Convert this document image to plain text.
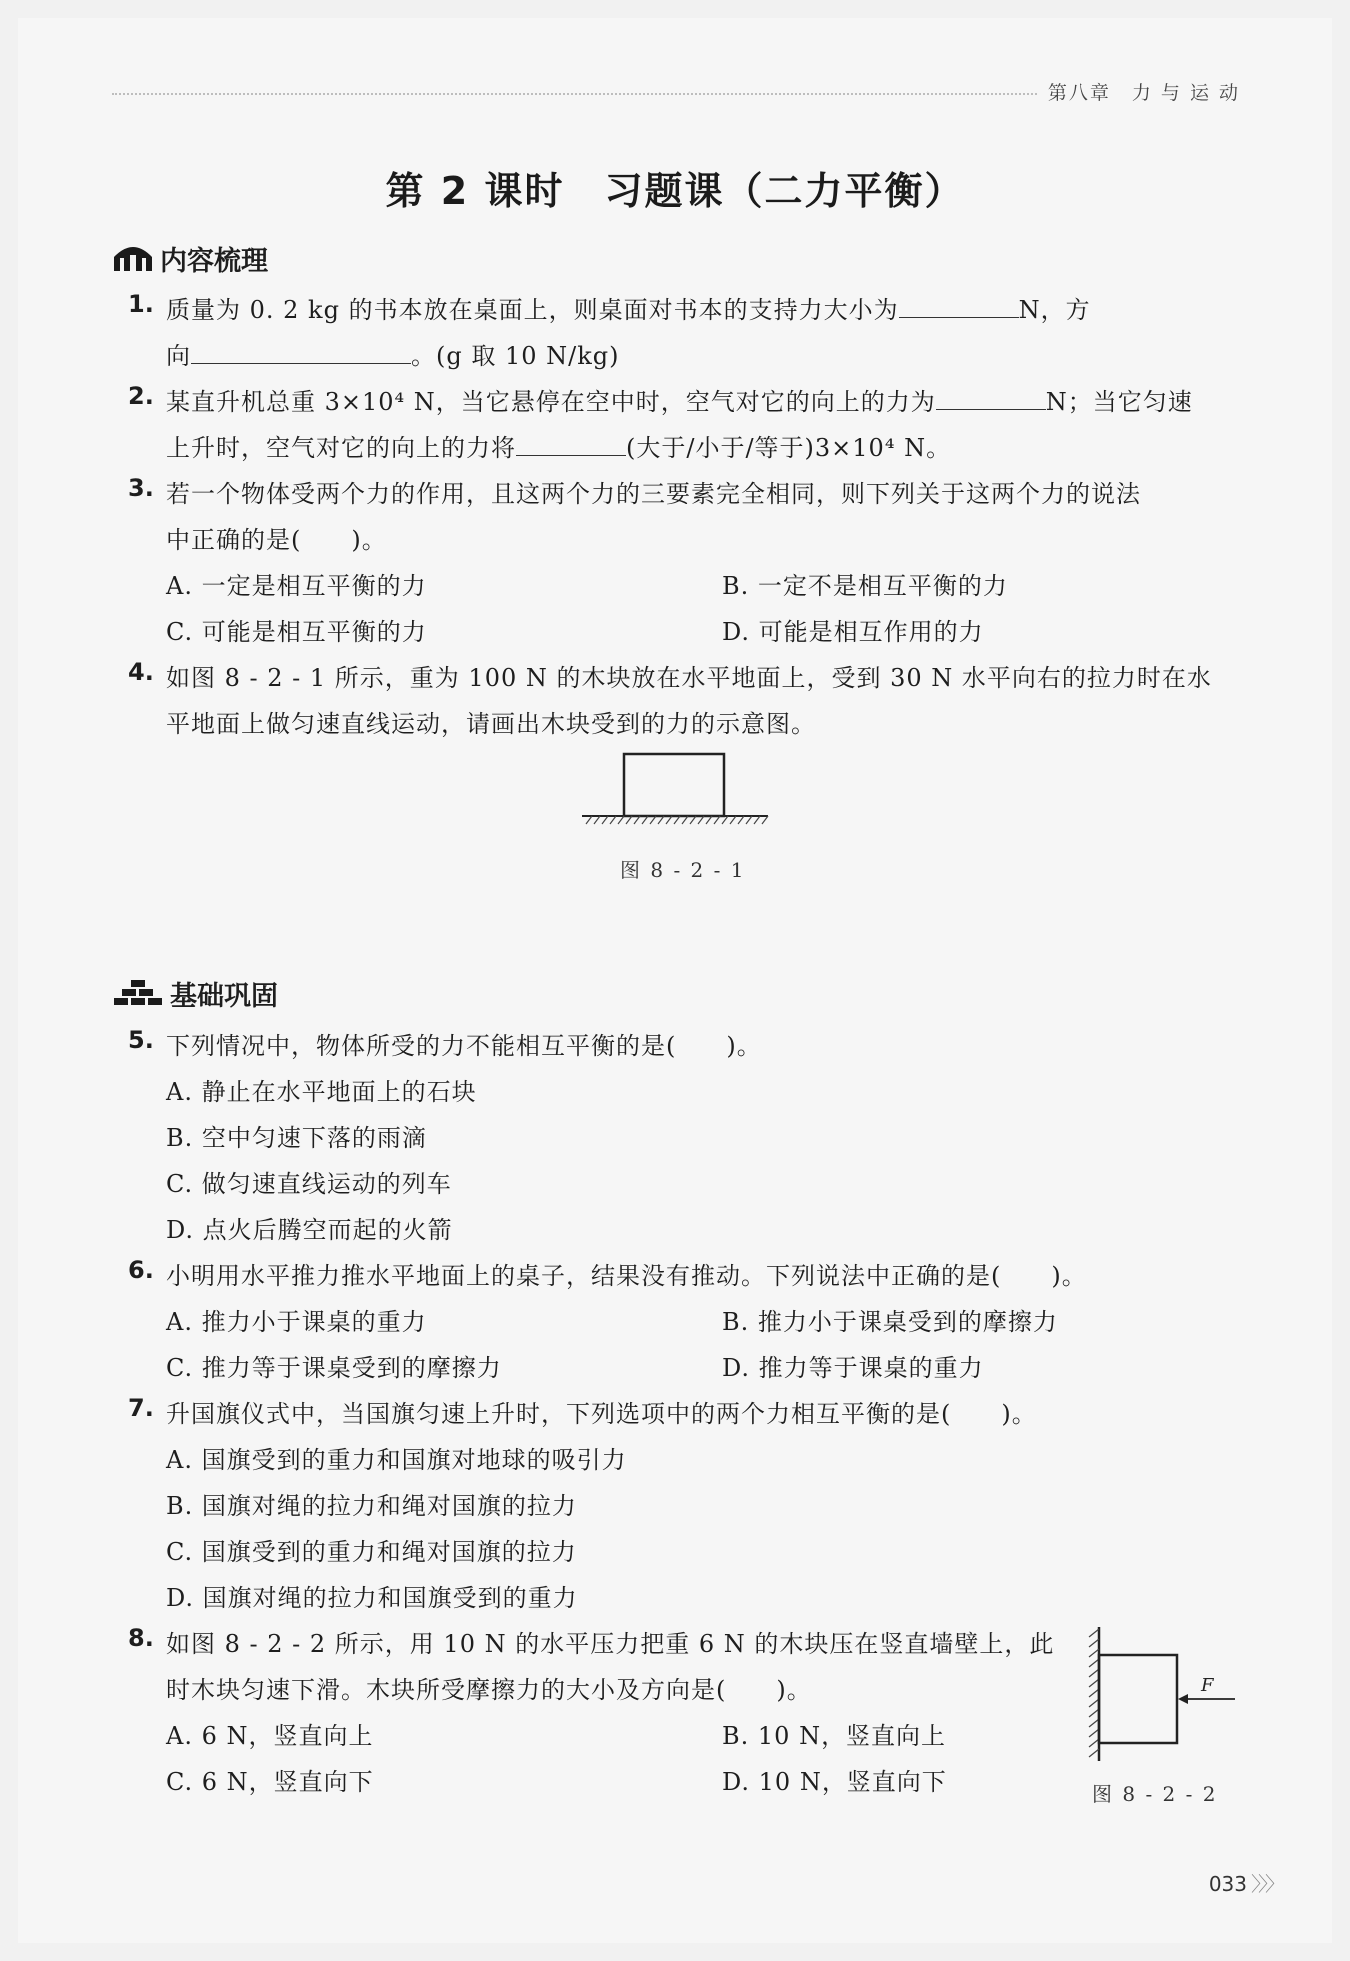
第八章　力 与 运 动
第 2 课时　习题课（二力平衡）
内容梳理
1. 质量为 0. 2 kg 的书本放在桌面上，则桌面对书本的支持力大小为	N，方
向	。(g 取 10 N/kg)
2. 某直升机总重 3×10⁴ N，当它悬停在空中时，空气对它的向上的力为	N；当它匀速
上升时，空气对它的向上的力将	(大于/小于/等于)3×10⁴ N。
3. 若一个物体受两个力的作用，且这两个力的三要素完全相同，则下列关于这两个力的说法
中正确的是(　　)。
A. 一定是相互平衡的力	B. 一定不是相互平衡的力
C. 可能是相互平衡的力	D. 可能是相互作用的力
4. 如图 8 - 2 - 1 所示，重为 100 N 的木块放在水平地面上，受到 30 N 水平向右的拉力时在水
平地面上做匀速直线运动，请画出木块受到的力的示意图。
图 8 - 2 - 1
基础巩固
5. 下列情况中，物体所受的力不能相互平衡的是(　　)。
A. 静止在水平地面上的石块
B. 空中匀速下落的雨滴
C. 做匀速直线运动的列车
D. 点火后腾空而起的火箭
6. 小明用水平推力推水平地面上的桌子，结果没有推动。下列说法中正确的是(　　)。
A. 推力小于课桌的重力	B. 推力小于课桌受到的摩擦力
C. 推力等于课桌受到的摩擦力	D. 推力等于课桌的重力
7. 升国旗仪式中，当国旗匀速上升时，下列选项中的两个力相互平衡的是(　　)。
A. 国旗受到的重力和国旗对地球的吸引力
B. 国旗对绳的拉力和绳对国旗的拉力
C. 国旗受到的重力和绳对国旗的拉力
D. 国旗对绳的拉力和国旗受到的重力
8. 如图 8 - 2 - 2 所示，用 10 N 的水平压力把重 6 N 的木块压在竖直墙壁上，此
时木块匀速下滑。木块所受摩擦力的大小及方向是(　　)。
A. 6 N，竖直向上	B. 10 N，竖直向上
C. 6 N，竖直向下	D. 10 N，竖直向下
F
图 8 - 2 - 2
033 〉〉〉
